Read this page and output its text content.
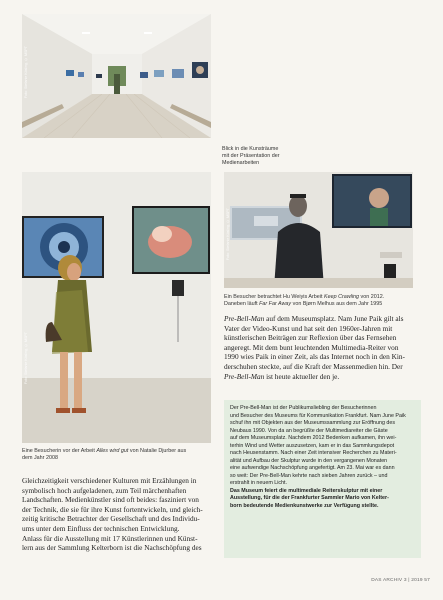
Foto: Stefanie Kösling, © MSPT

Blick in die Kunsträume

mit der Präsentation der

Medienarbeiten

Foto: Stefanie Kösling, © MSPT

Ein Besucher betrachtet Hu Weiyis Arbeit Keep Crawling von 2012.

Daneben läuft Far Far Away von Bjørn Melhus aus dem Jahr 1995

Foto: Stefanie Kösling, © MSPT

Eine Besucherin vor der Arbeit Alles wird gut von Natalie Djurber aus

dem Jahr 2008

Pre-Bell-Man auf dem Museumsplatz. Nam June Paik gilt als

Vater der Video-Kunst und hat seit den 1960er-Jahren mit

künstlerischen Beiträgen zur Reflexion über das Fernsehen

angeregt. Mit dem bunt leuchtenden Multimedia-Reiter von

1990 wies Paik in einer Zeit, als das Internet noch in den Kin-

derschuhen steckte, auf die Kraft der Massenmedien hin. Der

Pre-Bell-Man ist heute aktueller den je.

Der Pre-Bell-Man ist der Publikumsliebling der Besucherinnen

und Besucher des Museums für Kommunikation Frankfurt. Nam June Paik

schuf ihn mit Objekten aus der Museumssammlung zur Eröffnung des

Neubaus 1990. Von da an begrüßte der Multimediareiter die Gäste

auf dem Museumsplatz. Nachdem 2012 Bedenken aufkamen, ihn wei-

terhin Wind und Wetter auszusetzen, kam er in das Sammlungsdepot

nach Heusenstamm. Nach einer Zeit intensiver Recherchen zu Materi-

alität und Aufbau der Skulptur wurde in den vergangenen Monaten

eine aufwendige Nachschöpfung angefertigt. Am 23. Mai war es dann

so weit: Der Pre-Bell-Man kehrte nach sieben Jahren zurück – und

erstrahlt in neuem Licht.

Das Museum feiert die multimediale Reiterskulptur mit einer

Ausstellung, für die der Frankfurter Sammler Mario von Kelter-

born bedeutende Medienkunstwerke zur Verfügung stellte.

Gleichzeitigkeit verschiedener Kulturen mit Erzählungen in

symbolisch hoch aufgeladenen, zum Teil märchenhaften

Landschaften. Medienkünstler sind oft beides: fasziniert von

der Technik, die sie für ihre Kunst fortentwickeln, und gleich-

zeitig kritische Betrachter der Gesellschaft und des Individu-

ums unter dem Einfluss der technischen Entwicklung.

Anlass für die Ausstellung mit 17 Künstlerinnen und Künst-

lern aus der Sammlung Kelterborn ist die Nachschöpfung des

DAS ARCHIV 3 | 2019 57
